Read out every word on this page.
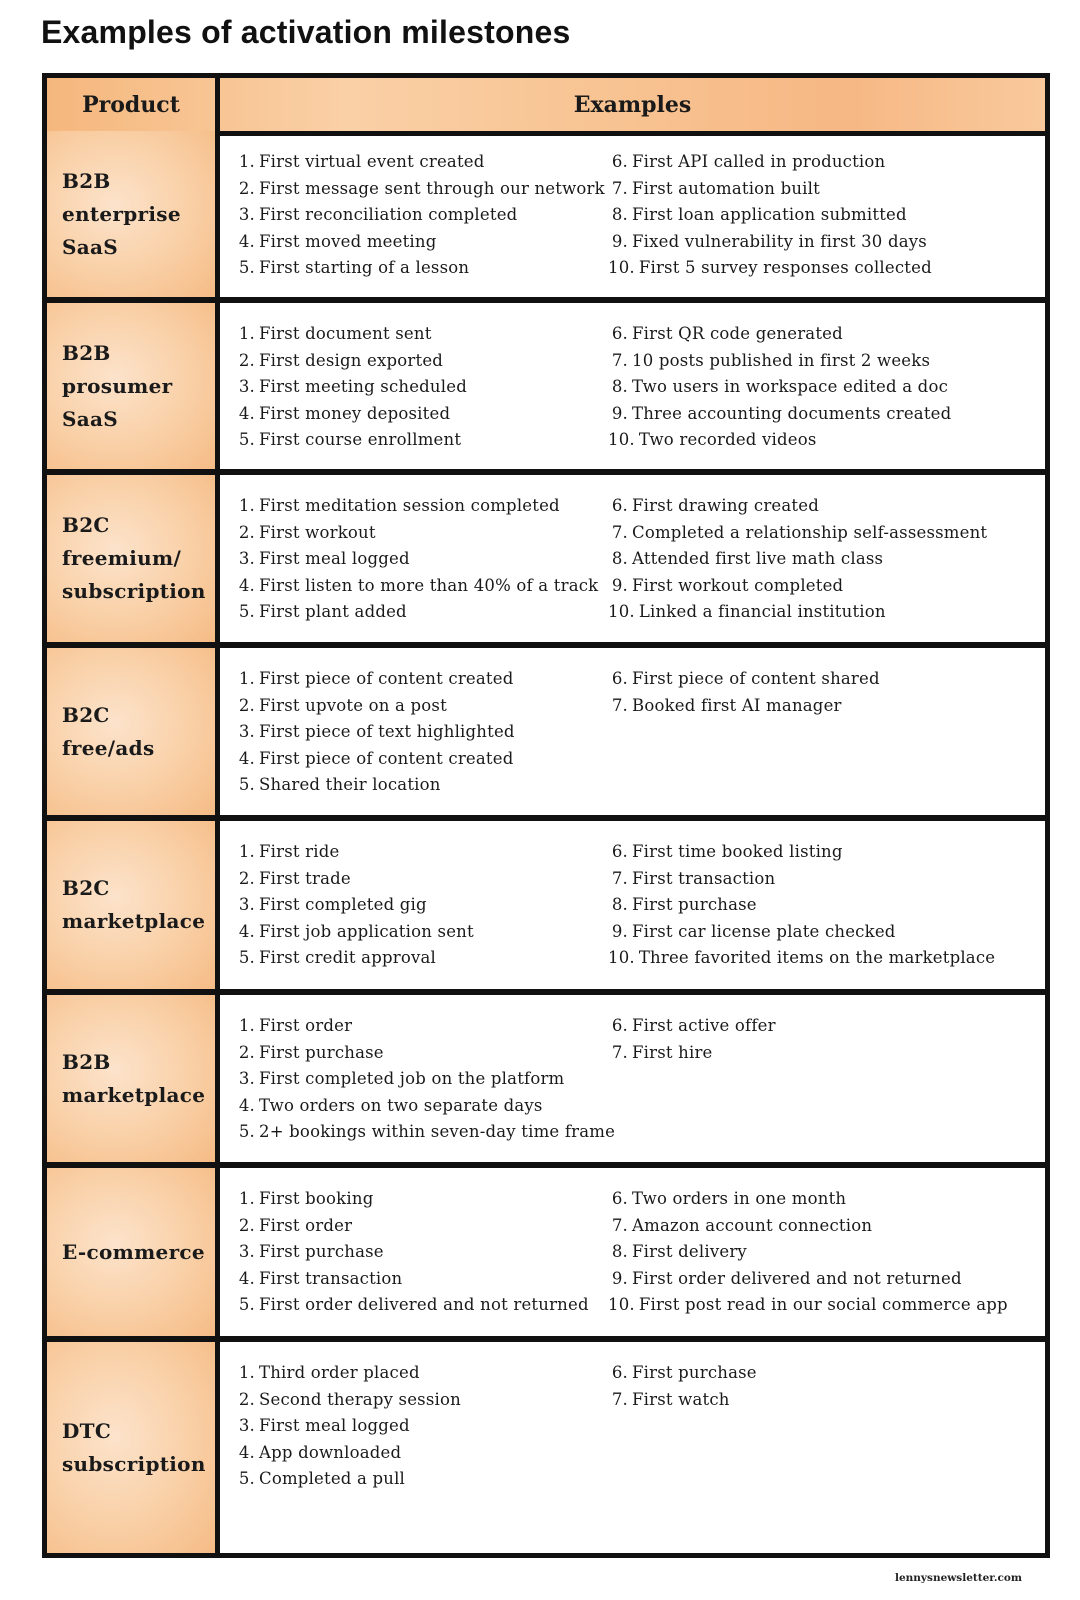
Examples of activation milestones
Product	Examples
B2B
enterprise
SaaS
1. First virtual event created
2. First message sent through our network
3. First reconciliation completed
4. First moved meeting
5. First starting of a lesson
6. First API called in production
7. First automation built
8. First loan application submitted
9. Fixed vulnerability in first 30 days
10. First 5 survey responses collected
B2B
prosumer
SaaS
1. First document sent
2. First design exported
3. First meeting scheduled
4. First money deposited
5. First course enrollment
6. First QR code generated
7. 10 posts published in first 2 weeks
8. Two users in workspace edited a doc
9. Three accounting documents created
10. Two recorded videos
B2C
freemium/
subscription
1. First meditation session completed
2. First workout
3. First meal logged
4. First listen to more than 40% of a track
5. First plant added
6. First drawing created
7. Completed a relationship self-assessment
8. Attended first live math class
9. First workout completed
10. Linked a financial institution
B2C
free/ads
1. First piece of content created
2. First upvote on a post
3. First piece of text highlighted
4. First piece of content created
5. Shared their location
6. First piece of content shared
7. Booked first AI manager
B2C
marketplace
1. First ride
2. First trade
3. First completed gig
4. First job application sent
5. First credit approval
6. First time booked listing
7. First transaction
8. First purchase
9. First car license plate checked
10. Three favorited items on the marketplace
B2B
marketplace
1. First order
2. First purchase
3. First completed job on the platform
4. Two orders on two separate days
5. 2+ bookings within seven-day time frame
6. First active offer
7. First hire
E-commerce
1. First booking
2. First order
3. First purchase
4. First transaction
5. First order delivered and not returned
6. Two orders in one month
7. Amazon account connection
8. First delivery
9. First order delivered and not returned
10. First post read in our social commerce app
DTC
subscription
1. Third order placed
2. Second therapy session
3. First meal logged
4. App downloaded
5. Completed a pull
6. First purchase
7. First watch
lennysnewsletter.com
